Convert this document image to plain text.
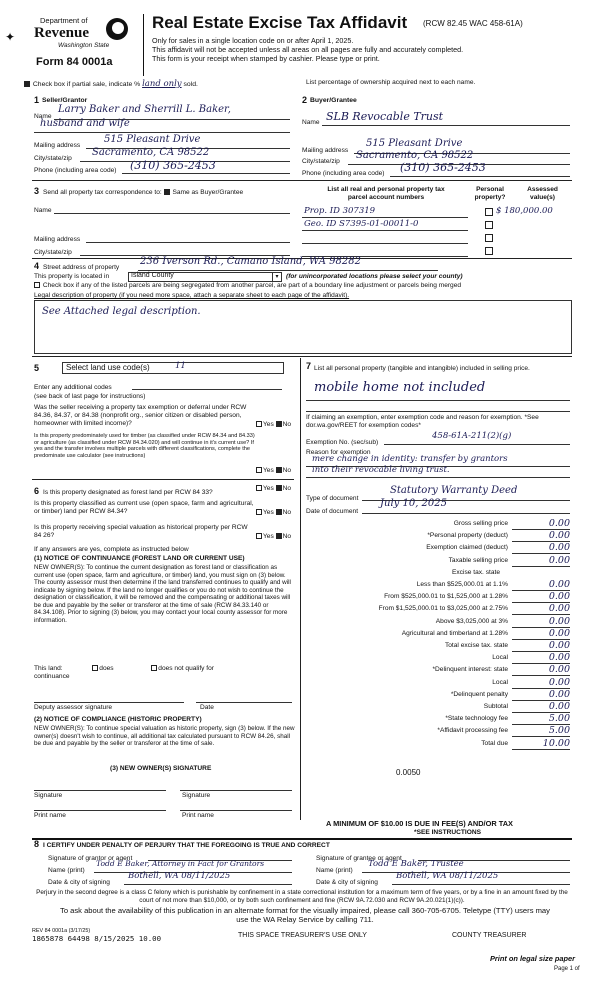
✦
Department of
Revenue
Washington State
Form 84 0001a
Real Estate Excise Tax Affidavit (RCW 82.45 WAC 458-61A)
Only for sales in a single location code on or after April 1, 2025.
This affidavit will not be accepted unless all areas on all pages are fully and accurately completed.
This form is your receipt when stamped by cashier. Please type or print.
Check box if partial sale, indicate % land only sold.	List percentage of ownership acquired next to each name.
1 Seller/Grantor
Name
Larry Baker and Sherrill L. Baker,
husband and wife
Mailing address
515 Pleasant Drive
City/state/zip
Sacramento, CA 98522
Phone (including area code) (310) 365-2453
2 Buyer/Grantee
Name SLB Revocable Trust
Mailing address
515 Pleasant Drive
City/state/zip
Sacramento, CA 98522
Phone (including area code) (310) 365-2453
3 Send all property tax correspondence to: Same as Buyer/Grantee
Name
Mailing address
City/state/zip
List all real and personal property tax
parcel account numbers
Personal
property?
Assessed
value(s)
Prop. ID 307319
Geo. ID S7395-01-00011-0
$ 180,000.00
4 Street address of property
236 Iverson Rd., Camano Island, WA 98282
This property is located in	Island County	▾	(for unincorporated locations please select your county)
Check box if any of the listed parcels are being segregated from another parcel, are part of a boundary line adjustment or parcels being merged
Legal description of property (if you need more space, attach a separate sheet to each page of the affidavit).
See Attached legal description.
5	Select land use code(s)	11
Enter any additional codes
(see back of last page for instructions)
Was the seller receiving a property tax exemption or deferral under RCW 84.36, 84.37, or 84.38 (nonprofit org., senior citizen or disabled person, homeowner with limited income)?	Yes No
Is this property predominately used for timber (as classified under RCW 84.34 and 84.33) or agriculture (as classified under RCW 84.34.020) and will continue in it's current use? If yes and the transfer involves multiple parcels with different classifications, complete the predominate use calculator (see instructions)
Yes No
6 Is this property designated as forest land per RCW 84 33?
Yes No
Is this property classified as current use (open space, farm and agricultural, or timber) land per RCW 84.34?	Yes No
Is this property receiving special valuation as historical property per RCW 84 26?	Yes No
If any answers are yes, complete as instructed below
(1) NOTICE OF CONTINUANCE (FOREST LAND OR CURRENT USE)
NEW OWNER(S): To continue the current designation as forest land or classification as current use (open space, farm and agriculture, or timber) land, you must sign on (3) below. The county assessor must then determine if the land transferred continues to qualify and will indicate by signing below. If the land no longer qualifies or you do not wish to continue the designation or classification, it will be removed and the compensating or additional taxes will be due and payable by the seller or transferor at the time of sale (RCW 84.33.140 or 84.34.108). Prior to signing (3) below, you may contact your local county assessor for more information.
This land:	does	does not qualify for
continuance
Deputy assessor signature	Date
(2) NOTICE OF COMPLIANCE (HISTORIC PROPERTY)
NEW OWNER(S): To continue special valuation as historic property, sign (3) below. If the new owner(s) doesn't wish to continue, all additional tax calculated pursuant to RCW 84.26, shall be due and payable by the seller or transferor at the time of sale.
(3) NEW OWNER(S) SIGNATURE
Signature	Signature
Print name	Print name
7 List all personal property (tangible and intangible) included in selling price.
mobile home not included
If claiming an exemption, enter exemption code and reason for exemption. *See dor.wa.gov/REET for exemption codes*
Exemption No. (sec/sub)
458-61A-211(2)(g)
Reason for exemption
mere change in identity: transfer by grantors
into their revocable living trust.
Type of document
Statutory Warranty Deed
Date of document
July 10, 2025
Gross selling price	0.00
*Personal property (deduct)	0.00
Exemption claimed (deduct)	0.00
Taxable selling price	0.00
Excise tax. state
Less than $525,000.01 at 1.1%	0.00
From $525,000.01 to $1,525,000 at 1.28%	0.00
From $1,525,000.01 to $3,025,000 at 2.75%	0.00
Above $3,025,000 at 3%	0.00
Agricultural and timberland at 1.28%	0.00
Total excise tax. state	0.00
Local	0.00
*Delinquent interest: state	0.00
Local	0.00
*Delinquent penalty	0.00
Subtotal	0.00
*State technology fee	5.00
*Affidavit processing fee	5.00
Total due	10.00
0.0050
A MINIMUM OF $10.00 IS DUE IN FEE(S) AND/OR TAX
*SEE INSTRUCTIONS
8 I CERTIFY UNDER PENALTY OF PERJURY THAT THE FOREGOING IS TRUE AND CORRECT
Signature of grantor or agent	Signature of grantee or agent
Name (print)
Todd E Baker, Attorney in Fact for Grantors
Name (print)
Todd E Baker, Trustee
Date & city of signing
Bothell, WA 08/11/2025
Date & city of signing
Bothell, WA 08/11/2025
Perjury in the second degree is a class C felony which is punishable by confinement in a state correctional institution for a maximum term of five years, or by a fine in an amount fixed by the court of not more than $10,000, or by both such confinement and fine (RCW 9A.72.030 and RCW 9A.20.021(1)(c)).
To ask about the availability of this publication in an alternate format for the visually impaired, please call 360-705-6705. Teletype (TTY) users may use the WA Relay Service by calling 711.
REV 84 0001a (3/17/25)
1865878 64498 8/15/2025 10.00	THIS SPACE TREASURER'S USE ONLY	COUNTY TREASURER
Print on legal size paper
Page 1 of
